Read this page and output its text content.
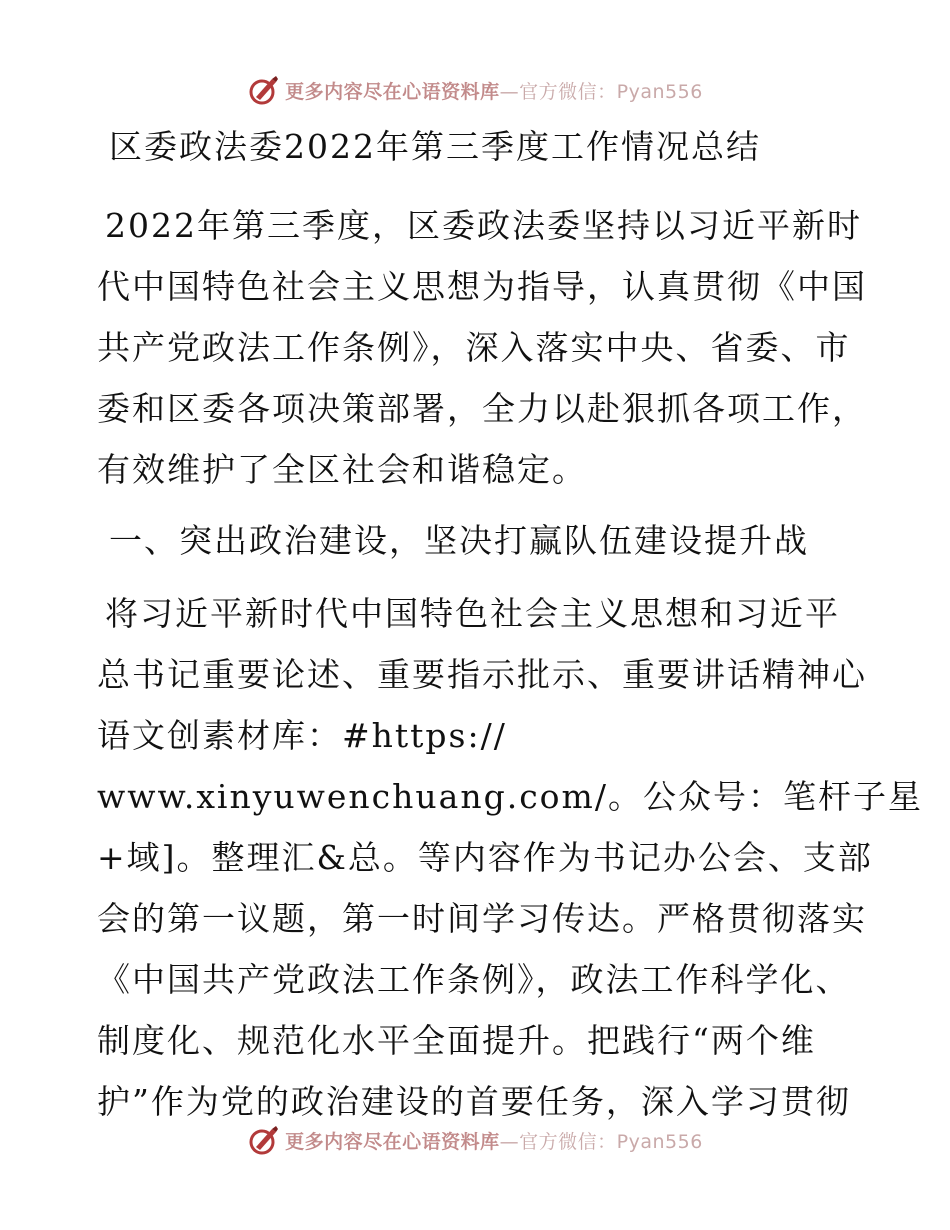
更多内容尽在心语资料库—官方微信：Pyan556
区委政法委2022年第三季度工作情况总结
2022年第三季度，区委政法委坚持以习近平新时
代中国特色社会主义思想为指导，认真贯彻《中国
共产党政法工作条例》，深入落实中央、省委、市
委和区委各项决策部署，全力以赴狠抓各项工作，
有效维护了全区社会和谐稳定。
一、突出政治建设，坚决打赢队伍建设提升战
将习近平新时代中国特色社会主义思想和习近平
总书记重要论述、重要指示批示、重要讲话精神心
语文创素材库：#https://
www.xinyuwenchuang.com/。公众号：笔杆子星
+域]。整理汇&总。等内容作为书记办公会、支部
会的第一议题，第一时间学习传达。严格贯彻落实
《中国共产党政法工作条例》，政法工作科学化、
制度化、规范化水平全面提升。把践行“两个维
护”作为党的政治建设的首要任务，深入学习贯彻
更多内容尽在心语资料库—官方微信：Pyan556
